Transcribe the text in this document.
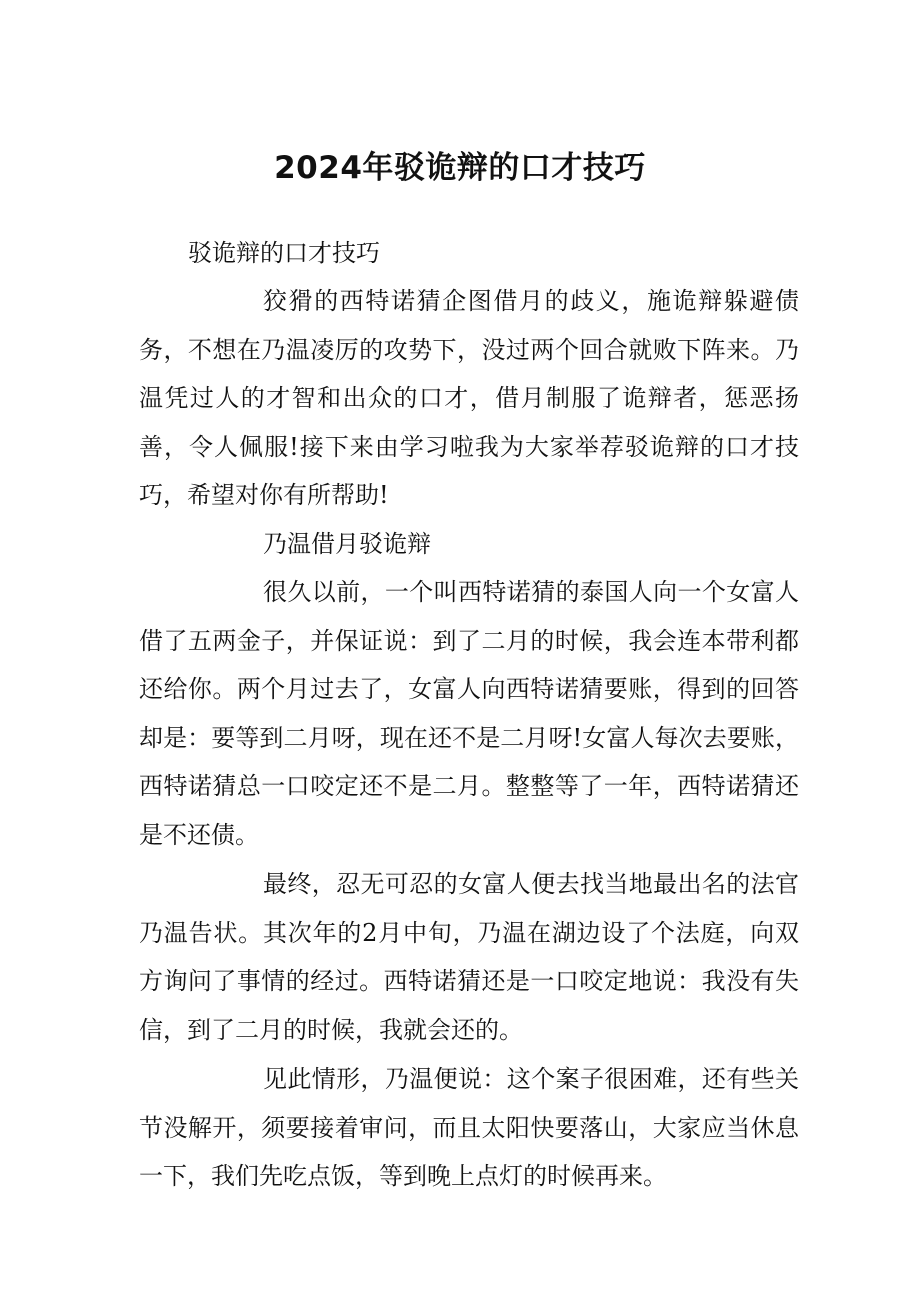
2024年驳诡辩的口才技巧

驳诡辩的口才技巧

狡猾的西特诺猜企图借月的歧义，施诡辩躲避债务，不想在乃温凌厉的攻势下，没过两个回合就败下阵来。乃温凭过人的才智和出众的口才，借月制服了诡辩者，惩恶扬善，令人佩服!接下来由学习啦我为大家举荐驳诡辩的口才技巧，希望对你有所帮助!

乃温借月驳诡辩

很久以前，一个叫西特诺猜的泰国人向一个女富人借了五两金子，并保证说：到了二月的时候，我会连本带利都还给你。两个月过去了，女富人向西特诺猜要账，得到的回答却是：要等到二月呀，现在还不是二月呀!女富人每次去要账，西特诺猜总一口咬定还不是二月。整整等了一年，西特诺猜还是不还债。

最终，忍无可忍的女富人便去找当地最出名的法官乃温告状。其次年的2月中旬，乃温在湖边设了个法庭，向双方询问了事情的经过。西特诺猜还是一口咬定地说：我没有失信，到了二月的时候，我就会还的。

见此情形，乃温便说：这个案子很困难，还有些关节没解开，须要接着审问，而且太阳快要落山，大家应当休息一下，我们先吃点饭，等到晚上点灯的时候再来。
